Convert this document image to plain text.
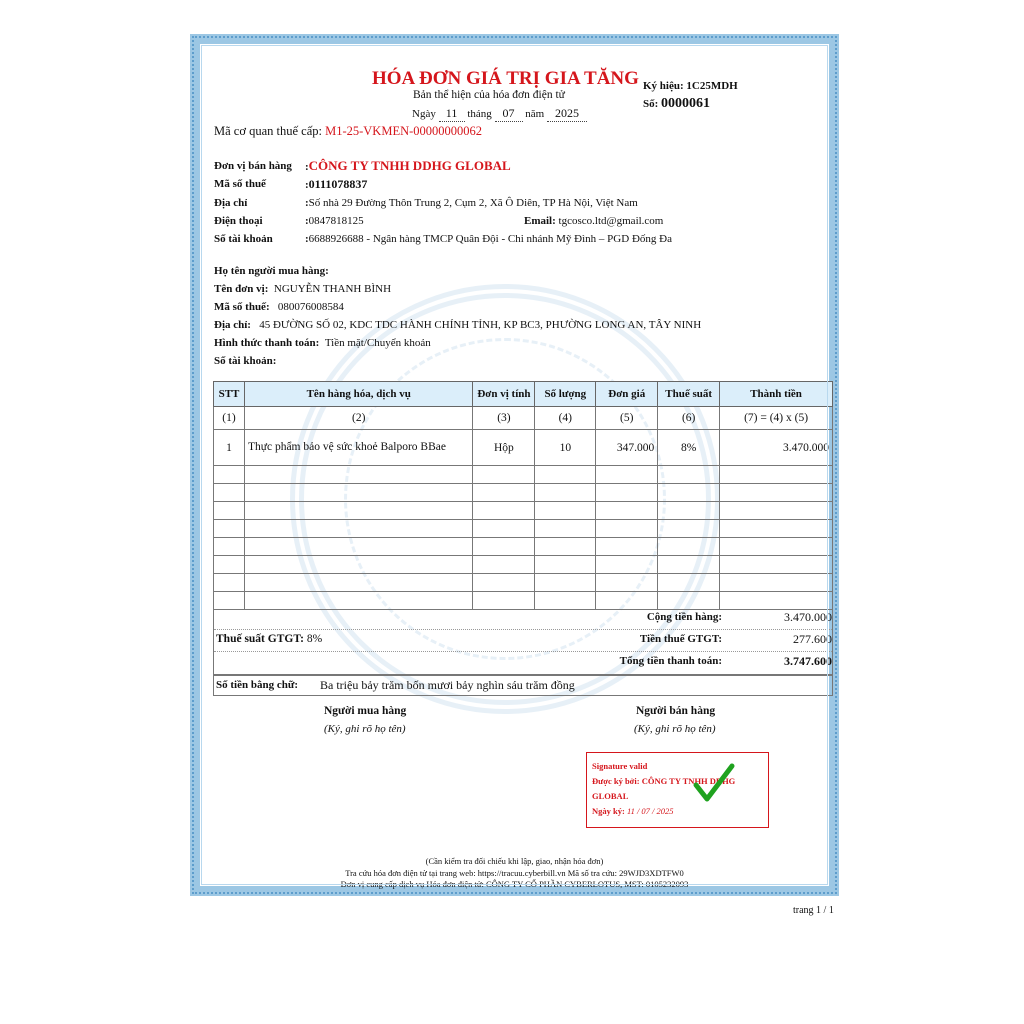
HÓA ĐƠN GIÁ TRỊ GIA TĂNG
Bản thể hiện của hóa đơn điện tử
Ngày 11 tháng 07 năm 2025
Ký hiệu: 1C25MDH
Số: 0000061
Mã cơ quan thuế cấp: M1-25-VKMEN-00000000062
Đơn vị bán hàng :CÔNG TY TNHH DDHG GLOBAL
Mã số thuế	:0111078837
Địa chỉ	:Số nhà 29 Đường Thôn Trung 2, Cụm 2, Xã Ô Diên, TP Hà Nội, Việt Nam
Điện thoại	:0847818125	Email: tgcosco.ltd@gmail.com
Số tài khoản	:6688926688 - Ngân hàng TMCP Quân Đội - Chi nhánh Mỹ Đình – PGD Đống Đa
Họ tên người mua hàng:
Tên đơn vị: NGUYỄN THANH BÌNH
Mã số thuế: 080076008584
Địa chỉ: 45 ĐƯỜNG SỐ 02, KDC TDC HÀNH CHÍNH TỈNH, KP BC3, PHƯỜNG LONG AN, TÂY NINH
Hình thức thanh toán: Tiền mặt/Chuyển khoản
Số tài khoản:
STT	Tên hàng hóa, dịch vụ	Đơn vị tính	Số lượng	Đơn giá	Thuế suất	Thành tiền
(1)	(2)	(3)	(4)	(5)	(6)	(7) = (4) x (5)
1	Thực phẩm bảo vệ sức khoẻ Balporo BBae	Hộp	10	347.000	8%	3.470.000

Cộng tiền hàng:	3.470.000
Thuế suất GTGT: 8%	Tiền thuế GTGT:	277.600
Tổng tiền thanh toán:	3.747.600
Số tiền bằng chữ: Ba triệu bảy trăm bốn mươi bảy nghìn sáu trăm đồng
Người mua hàng
(Ký, ghi rõ họ tên)
Người bán hàng
(Ký, ghi rõ họ tên)
Signature valid
Được ký bởi: CÔNG TY TNHH DDHG GLOBAL
Ngày ký: 11 / 07 / 2025
(Cần kiểm tra đối chiếu khi lập, giao, nhận hóa đơn)
Tra cứu hóa đơn điện tử tại trang web: https://tracuu.cyberbill.vn Mã số tra cứu: 29WJD3XDTFW0
Đơn vị cung cấp dịch vụ Hóa đơn điện tử: CÔNG TY CỔ PHẦN CYBERLOTUS, MST: 0105232093
trang 1 / 1
